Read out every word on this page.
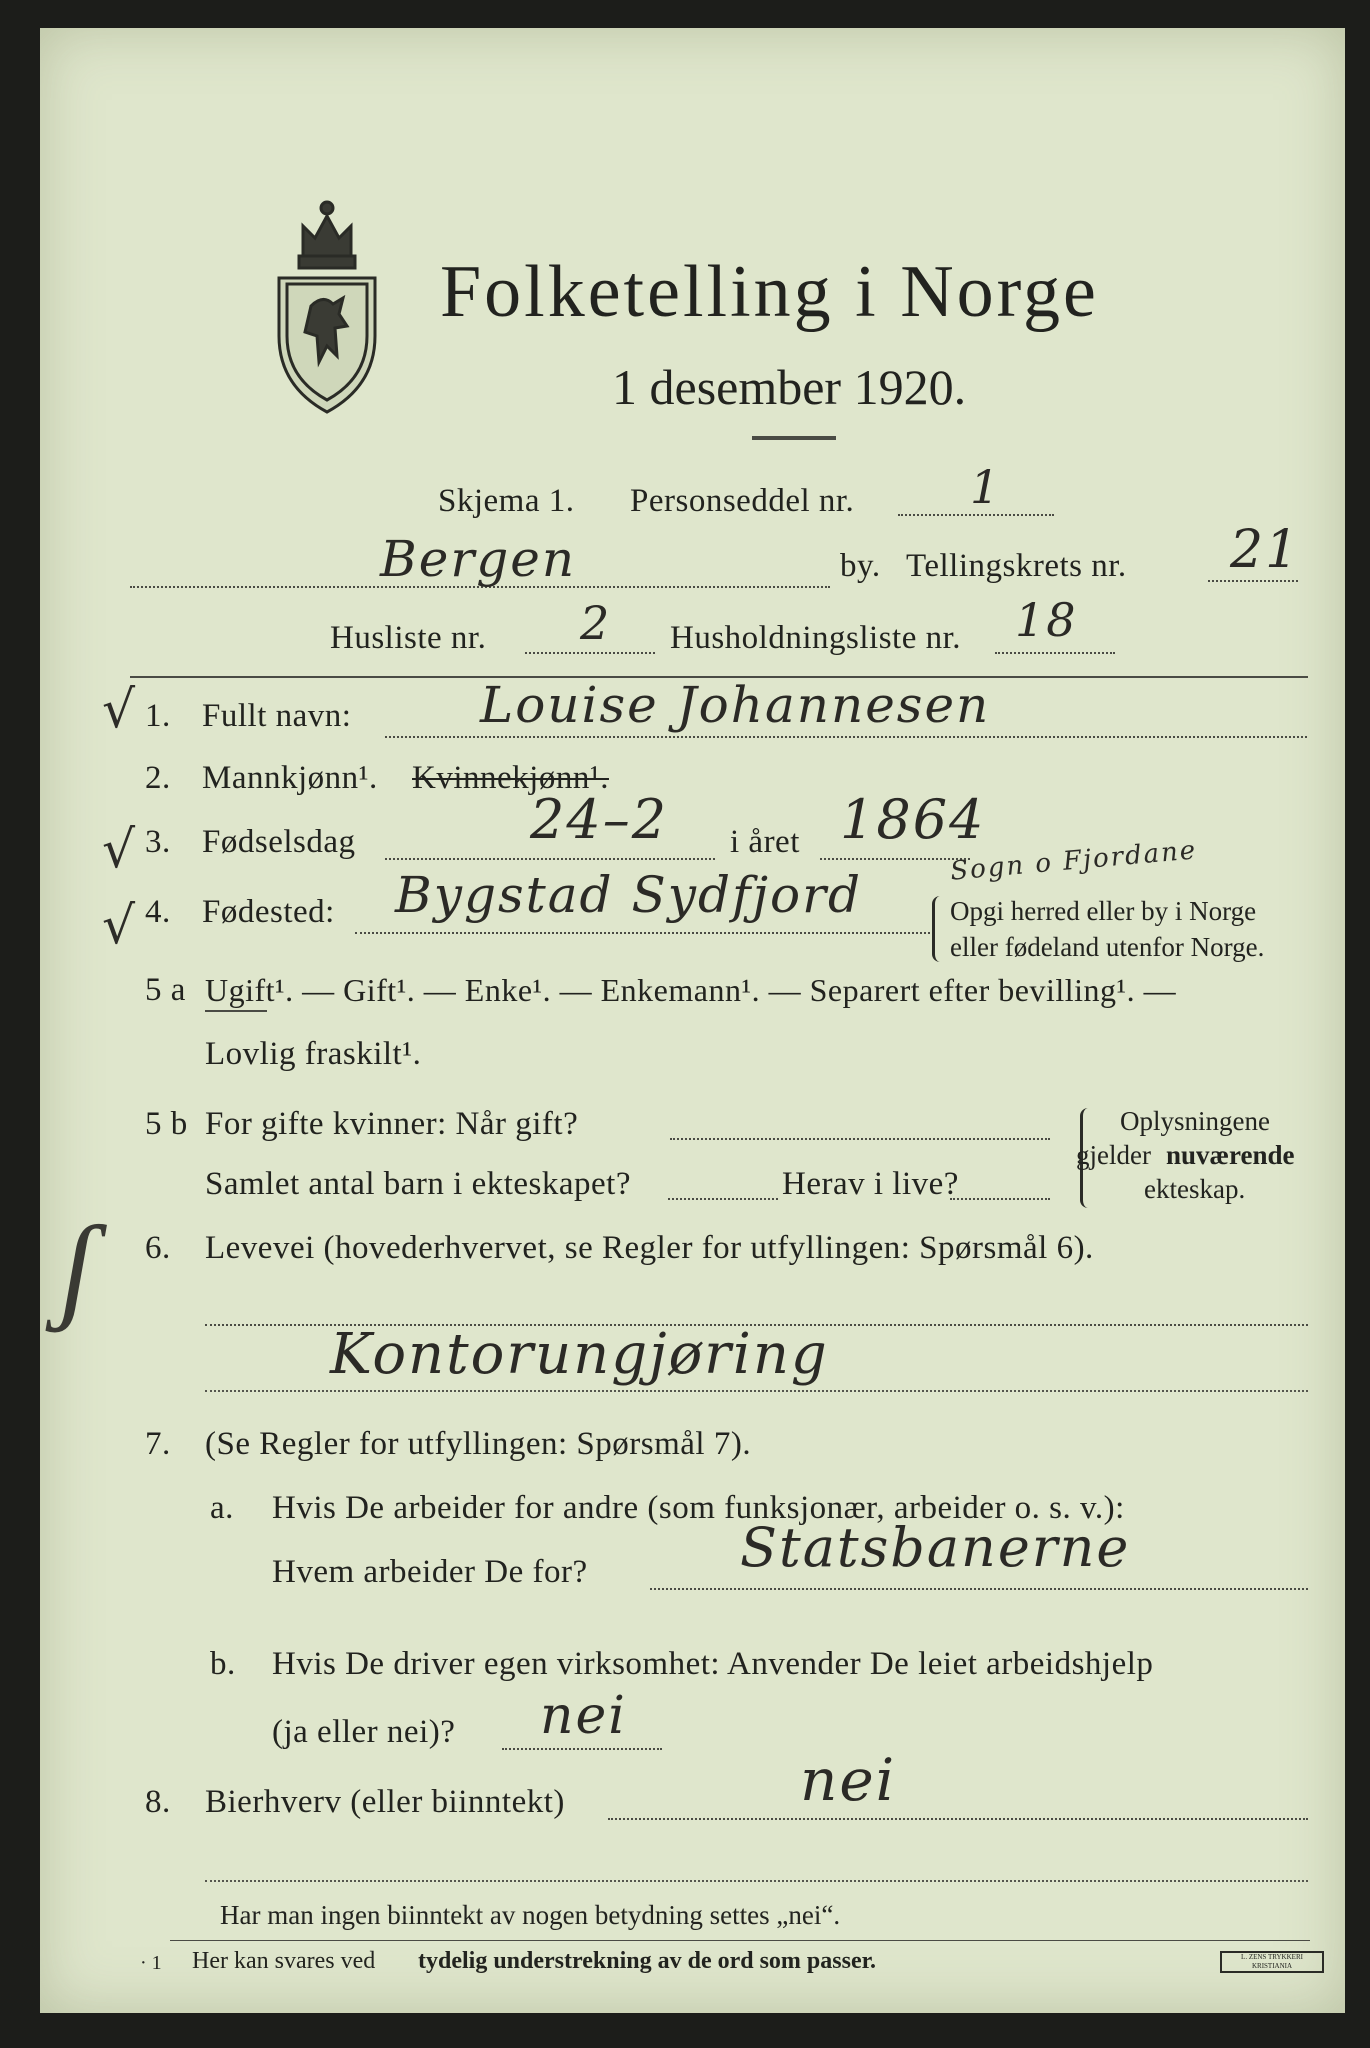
Folketelling i Norge
1 desember 1920.
Skjema 1. Personseddel nr.	1
Bergen	by. Tellingskrets nr. 21
Husliste nr. 2 Husholdningsliste nr. 18
√
√
√
ʃ
1. Fullt navn:	Louise Johannesen
2. Mannkjønn¹. Kvinnekjønn¹.
3. Fødselsdag	24–2 i året 1864
4. Fødested: Bygstad Sydfjord
Sogn o Fjordane
Opgi herred eller by i Norge
eller fødeland utenfor Norge.
5 a Ugift¹. — Gift¹. — Enke¹. — Enkemann¹. — Separert efter bevilling¹. —
Lovlig fraskilt¹.
5 b For gifte kvinner: Når gift?
Samlet antal barn i ekteskapet?	Herav i live?
Oplysningene
gjelder nuværende
ekteskap.
6. Levevei (hovederhvervet, se Regler for utfyllingen: Spørsmål 6).
Kontorungjøring
7. (Se Regler for utfyllingen: Spørsmål 7).
a. Hvis De arbeider for andre (som funksjonær, arbeider o. s. v.):
Hvem arbeider De for?	Statsbanerne
b. Hvis De driver egen virksomhet: Anvender De leiet arbeidshjelp
(ja eller nei)? nei
8. Bierhverv (eller biinntekt)	nei
Har man ingen biinntekt av nogen betydning settes „nei“.
· 1 Her kan svares ved tydelig understrekning av de ord som passer.	L. ZENS TRYKKERI KRISTIANIA
